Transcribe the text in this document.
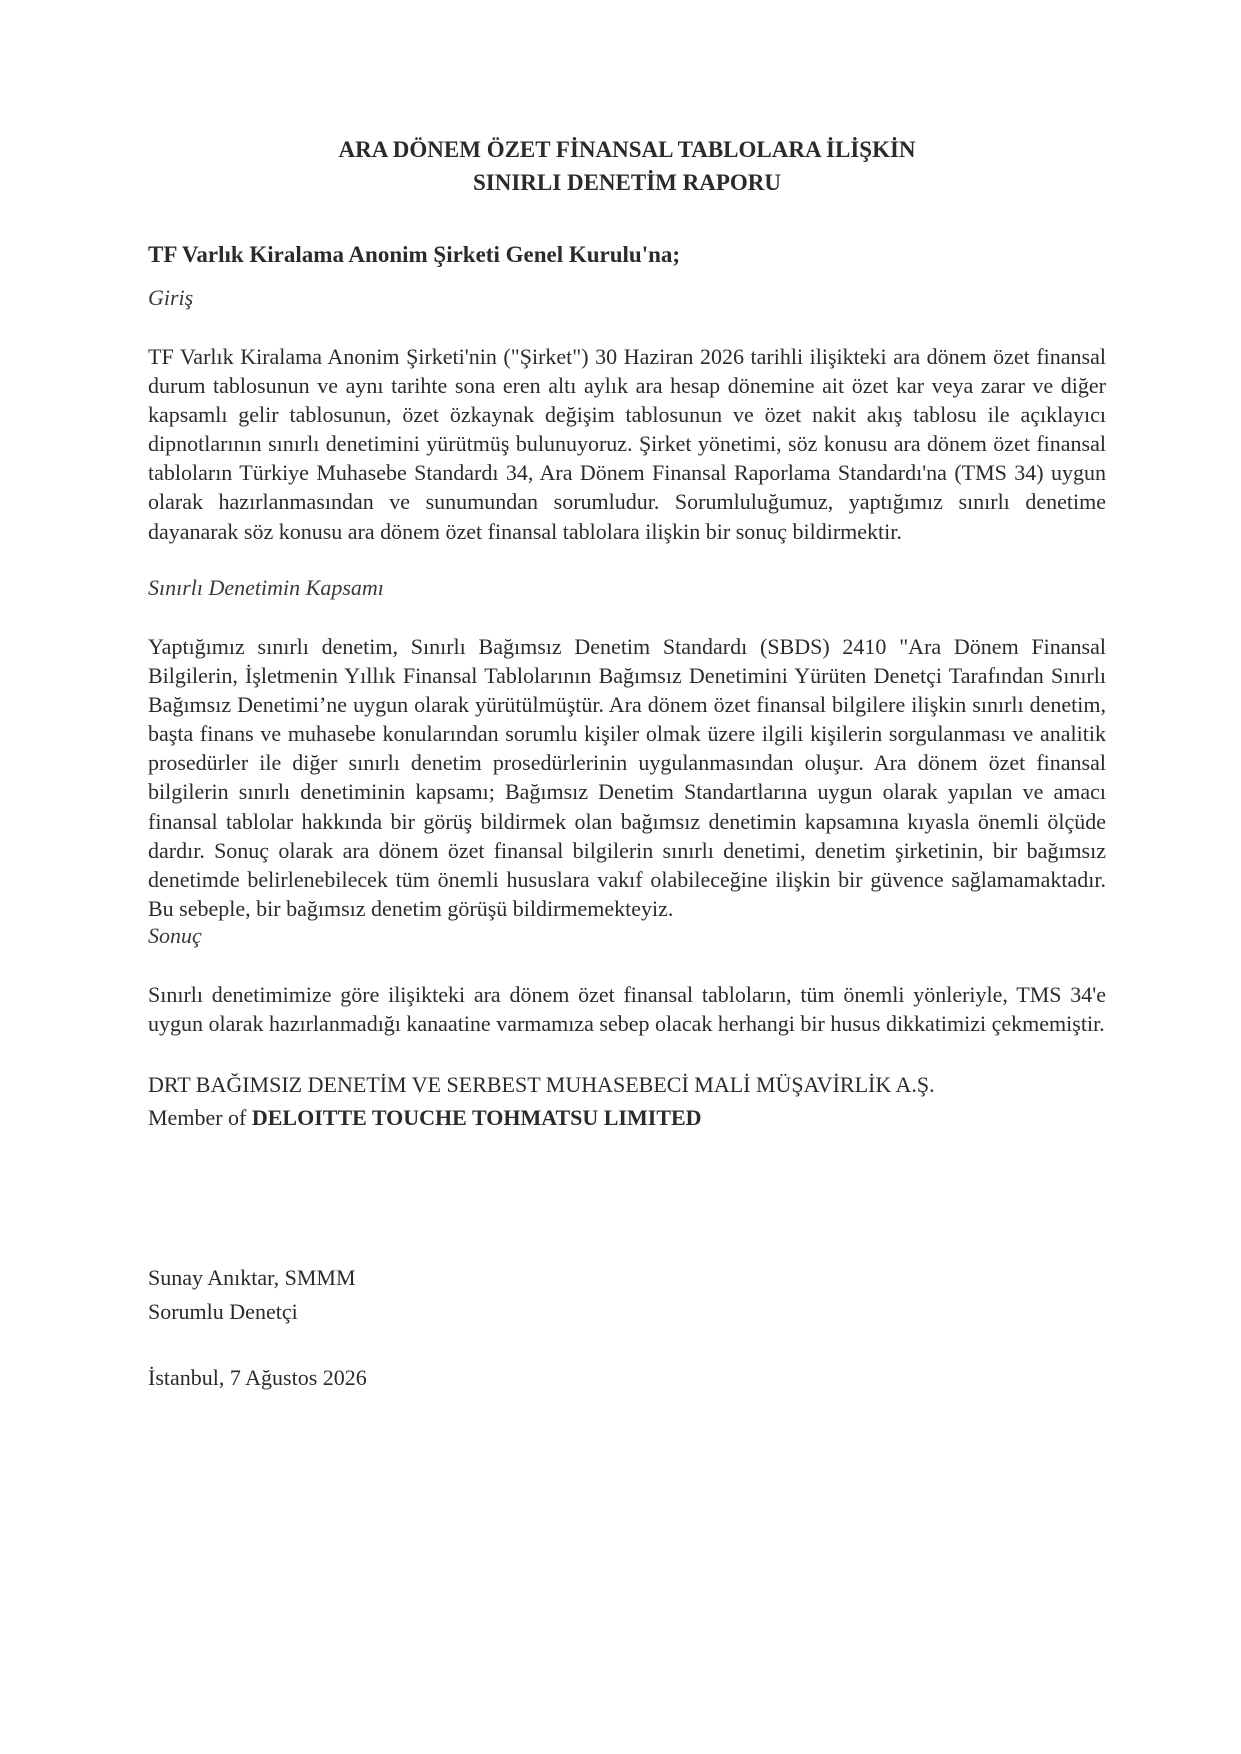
ARA DÖNEM ÖZET FİNANSAL TABLOLARA İLİŞKİN
SINIRLI DENETİM RAPORU
TF Varlık Kiralama Anonim Şirketi Genel Kurulu'na;
Giriş
TF Varlık Kiralama Anonim Şirketi'nin ("Şirket") 30 Haziran 2026 tarihli ilişikteki ara dönem özet finansal durum tablosunun ve aynı tarihte sona eren altı aylık ara hesap dönemine ait özet kar veya zarar ve diğer kapsamlı gelir tablosunun, özet özkaynak değişim tablosunun ve özet nakit akış tablosu ile açıklayıcı dipnotlarının sınırlı denetimini yürütmüş bulunuyoruz. Şirket yönetimi, söz konusu ara dönem özet finansal tabloların Türkiye Muhasebe Standardı 34, Ara Dönem Finansal Raporlama Standardı'na (TMS 34) uygun olarak hazırlanmasından ve sunumundan sorumludur. Sorumluluğumuz, yaptığımız sınırlı denetime dayanarak söz konusu ara dönem özet finansal tablolara ilişkin bir sonuç bildirmektir.
Sınırlı Denetimin Kapsamı
Yaptığımız sınırlı denetim, Sınırlı Bağımsız Denetim Standardı (SBDS) 2410 "Ara Dönem Finansal Bilgilerin, İşletmenin Yıllık Finansal Tablolarının Bağımsız Denetimini Yürüten Denetçi Tarafından Sınırlı Bağımsız Denetimi’ne uygun olarak yürütülmüştür. Ara dönem özet finansal bilgilere ilişkin sınırlı denetim, başta finans ve muhasebe konularından sorumlu kişiler olmak üzere ilgili kişilerin sorgulanması ve analitik prosedürler ile diğer sınırlı denetim prosedürlerinin uygulanmasından oluşur. Ara dönem özet finansal bilgilerin sınırlı denetiminin kapsamı; Bağımsız Denetim Standartlarına uygun olarak yapılan ve amacı finansal tablolar hakkında bir görüş bildirmek olan bağımsız denetimin kapsamına kıyasla önemli ölçüde dardır. Sonuç olarak ara dönem özet finansal bilgilerin sınırlı denetimi, denetim şirketinin, bir bağımsız denetimde belirlenebilecek tüm önemli hususlara vakıf olabileceğine ilişkin bir güvence sağlamamaktadır. Bu sebeple, bir bağımsız denetim görüşü bildirmemekteyiz.
Sonuç
Sınırlı denetimimize göre ilişikteki ara dönem özet finansal tabloların, tüm önemli yönleriyle, TMS 34'e uygun olarak hazırlanmadığı kanaatine varmamıza sebep olacak herhangi bir husus dikkatimizi çekmemiştir.
DRT BAĞIMSIZ DENETİM VE SERBEST MUHASEBECİ MALİ MÜŞAVİRLİK A.Ş.
Member of DELOITTE TOUCHE TOHMATSU LIMITED
Sunay Anıktar, SMMM
Sorumlu Denetçi
İstanbul, 7 Ağustos 2026
